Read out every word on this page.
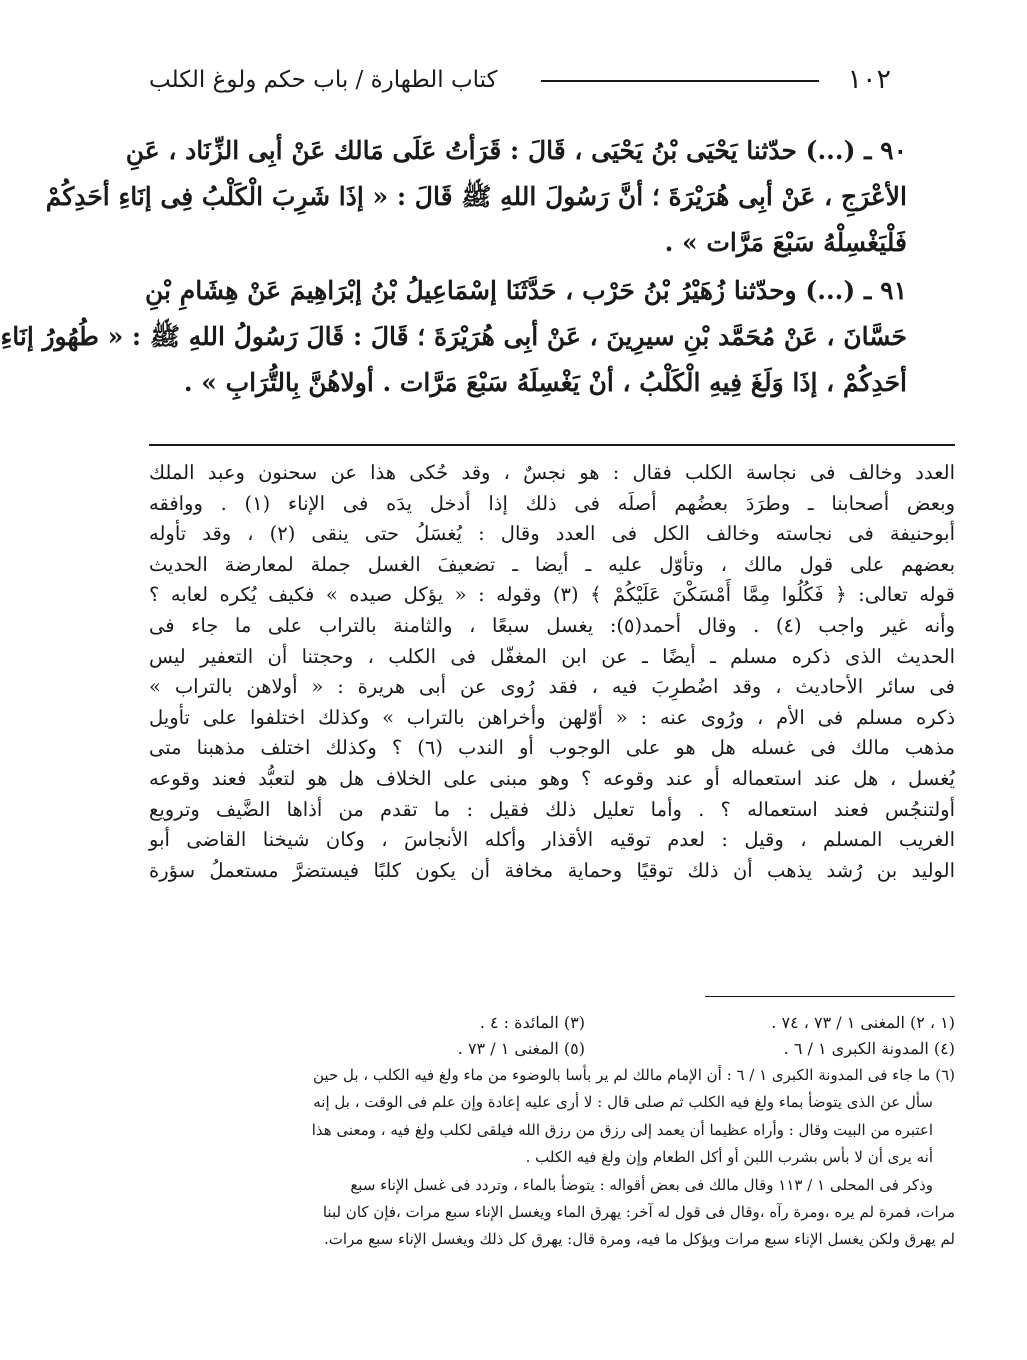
١٠٢
كتاب الطهارة / باب حكم ولوغ الكلب
٩٠ ـ (...) حدّثنا يَحْيَى بْنُ يَحْيَى ، قَالَ : قَرَأتُ عَلَى مَالك عَنْ أبِى الزِّنَاد ، عَنِ
الأعْرَجِ ، عَنْ أبِى هُرَيْرَةَ ؛ أنَّ رَسُولَ اللهِ ﷺ قَالَ : « إذَا شَرِبَ الْكَلْبُ فِى إنَاءِ أحَدِكُمْ
فَلْيَغْسِلْهُ سَبْعَ مَرَّات » .
٩١ ـ (...) وحدّثنا زُهَيْرُ بْنُ حَرْب ، حَدَّثَنَا إسْمَاعِيلُ بْنُ إبْرَاهِيمَ عَنْ هِشَامِ بْنِ
حَسَّانَ ، عَنْ مُحَمَّد بْنِ سيرِينَ ، عَنْ أبِى هُرَيْرَةَ ؛ قَالَ : قَالَ رَسُولُ اللهِ ﷺ : « طُهُورُ إنَاءِ
أحَدِكُمْ ، إذَا وَلَغَ فِيهِ الْكَلْبُ ، أنْ يَغْسِلَهُ سَبْعَ مَرَّات . أولاهُنَّ بِالتُّرَابِ » .
العدد وخالف فى نجاسة الكلب فقال : هو نجسٌ ، وقد حُكى هذا عن سحنون وعبد الملك
وبعض أصحابنا ـ وطرَدَ بعضُهم أصلَه فى ذلك إذا أدخل يدَه فى الإناء (١) . ووافقه
أبوحنيفة فى نجاسته وخالف الكل فى العدد وقال : يُغسَلُ حتى ينقى (٢) ، وقد تأوله
بعضهم على قول مالك ، وتأوّل عليه ـ أيضا ـ تضعيفَ الغسل جملة لمعارضة الحديث
قوله تعالى: ﴿ فَكُلُوا مِمَّا أَمْسَكْنَ عَلَيْكُمْ ﴾ (٣) وقوله : « يؤكل صيده » فكيف يُكره لعابه ؟
وأنه غير واجب (٤) . وقال أحمد(٥): يغسل سبعًا ، والثامنة بالتراب على ما جاء فى
الحديث الذى ذكره مسلم ـ أيضًا ـ عن ابن المغفّل فى الكلب ، وحجتنا أن التعفير ليس
فى سائر الأحاديث ، وقد اضُطرِبَ فيه ، فقد رُوى عن أبى هريرة : « أولاهن بالتراب »
ذكره مسلم فى الأم ، ورُوى عنه : « أوّلهن وأخراهن بالتراب » وكذلك اختلفوا على تأويل
مذهب مالك فى غسله هل هو على الوجوب أو الندب (٦) ؟ وكذلك اختلف مذهبنا متى
يُغسل ، هل عند استعماله أو عند وقوعه ؟ وهو مبنى على الخلاف هل هو لتعبُّد فعند وقوعه
أولتنجُس فعند استعماله ؟ . وأما تعليل ذلك فقيل : ما تقدم من أذاها الضَّيف وترويع
الغريب المسلم ، وقيل : لعدم توقيه الأقذار وأكله الأنجاسَ ، وكان شيخنا القاضى أبو
الوليد بن رُشد يذهب أن ذلك توقيًا وحماية مخافة أن يكون كلبًا فيستضرَّ مستعملُ سؤرة
(١ ، ٢) المغنى ١ / ٧٣ ، ٧٤ .
(٣) المائدة : ٤ .
(٤) المدونة الكبرى ١ / ٦ .
(٥) المغنى ١ / ٧٣ .
(٦) ما جاء فى المدونة الكبرى ١ / ٦ : أن الإمام مالك لم ير بأسا بالوضوء من ماء ولغ فيه الكلب ، بل حين
سأل عن الذى يتوضأ بماء ولغ فيه الكلب ثم صلى قال : لا أرى عليه إعادة وإن علم فى الوقت ، بل إنه
اعتبره من البيت وقال : وأراه عظيما أن يعمد إلى رزق من رزق الله فيلقى لكلب ولغ فيه ، ومعنى هذا
أنه يرى أن لا بأس بشرب اللبن أو أكل الطعام وإن ولغ فيه الكلب .
وذكر فى المحلى ١ / ١١٣ وقال مالك فى بعض أقواله : يتوضأ بالماء ، وتردد فى غسل الإناء سبع
مرات، فمرة لم يره ،ومرة رآه ،وقال فى قول له آخر: يهرق الماء ويغسل الإناء سبع مرات ،فإن كان لبنا
لم يهرق ولكن يغسل الإناء سبع مرات ويؤكل ما فيه، ومرة قال: يهرق كل ذلك ويغسل الإناء سبع مرات.
